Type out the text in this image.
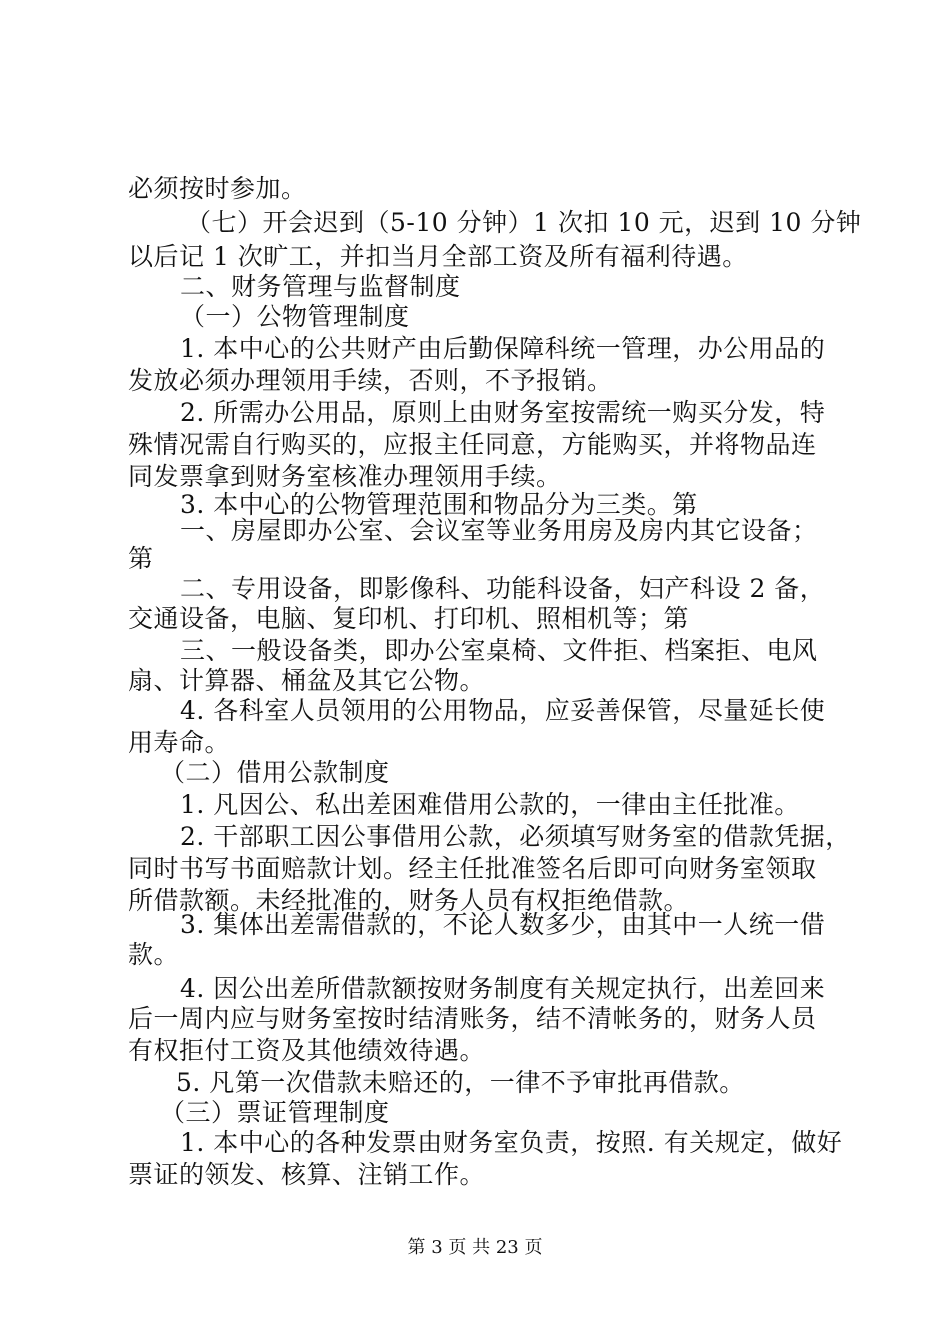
必须按时参加。
（七）开会迟到（5-10 分钟）1 次扣 10 元，迟到 10 分钟
以后记 1 次旷工，并扣当月全部工资及所有福利待遇。
二、财务管理与监督制度
（一）公物管理制度
1. 本中心的公共财产由后勤保障科统一管理，办公用品的
发放必须办理领用手续，否则，不予报销。
2. 所需办公用品，原则上由财务室按需统一购买分发，特
殊情况需自行购买的，应报主任同意，方能购买，并将物品连
同发票拿到财务室核准办理领用手续。
3. 本中心的公物管理范围和物品分为三类。第
一、房屋即办公室、会议室等业务用房及房内其它设备；
第
二、专用设备，即影像科、功能科设备，妇产科设 2 备，
交通设备，电脑、复印机、打印机、照相机等；第
三、一般设备类，即办公室桌椅、文件拒、档案拒、电风
扇、计算器、桶盆及其它公物。
4. 各科室人员领用的公用物品，应妥善保管，尽量延长使
用寿命。
（二）借用公款制度
1. 凡因公、私出差困难借用公款的，一律由主任批准。
2. 干部职工因公事借用公款，必须填写财务室的借款凭据，
同时书写书面赔款计划。经主任批准签名后即可向财务室领取
所借款额。未经批准的，财务人员有权拒绝借款。
3. 集体出差需借款的，不论人数多少，由其中一人统一借
款。
4. 因公出差所借款额按财务制度有关规定执行，出差回来
后一周内应与财务室按时结清账务，结不清帐务的，财务人员
有权拒付工资及其他绩效待遇。
5. 凡第一次借款未赔还的，一律不予审批再借款。
（三）票证管理制度
1. 本中心的各种发票由财务室负责，按照. 有关规定，做好
票证的领发、核算、注销工作。
第 3 页 共 23 页
